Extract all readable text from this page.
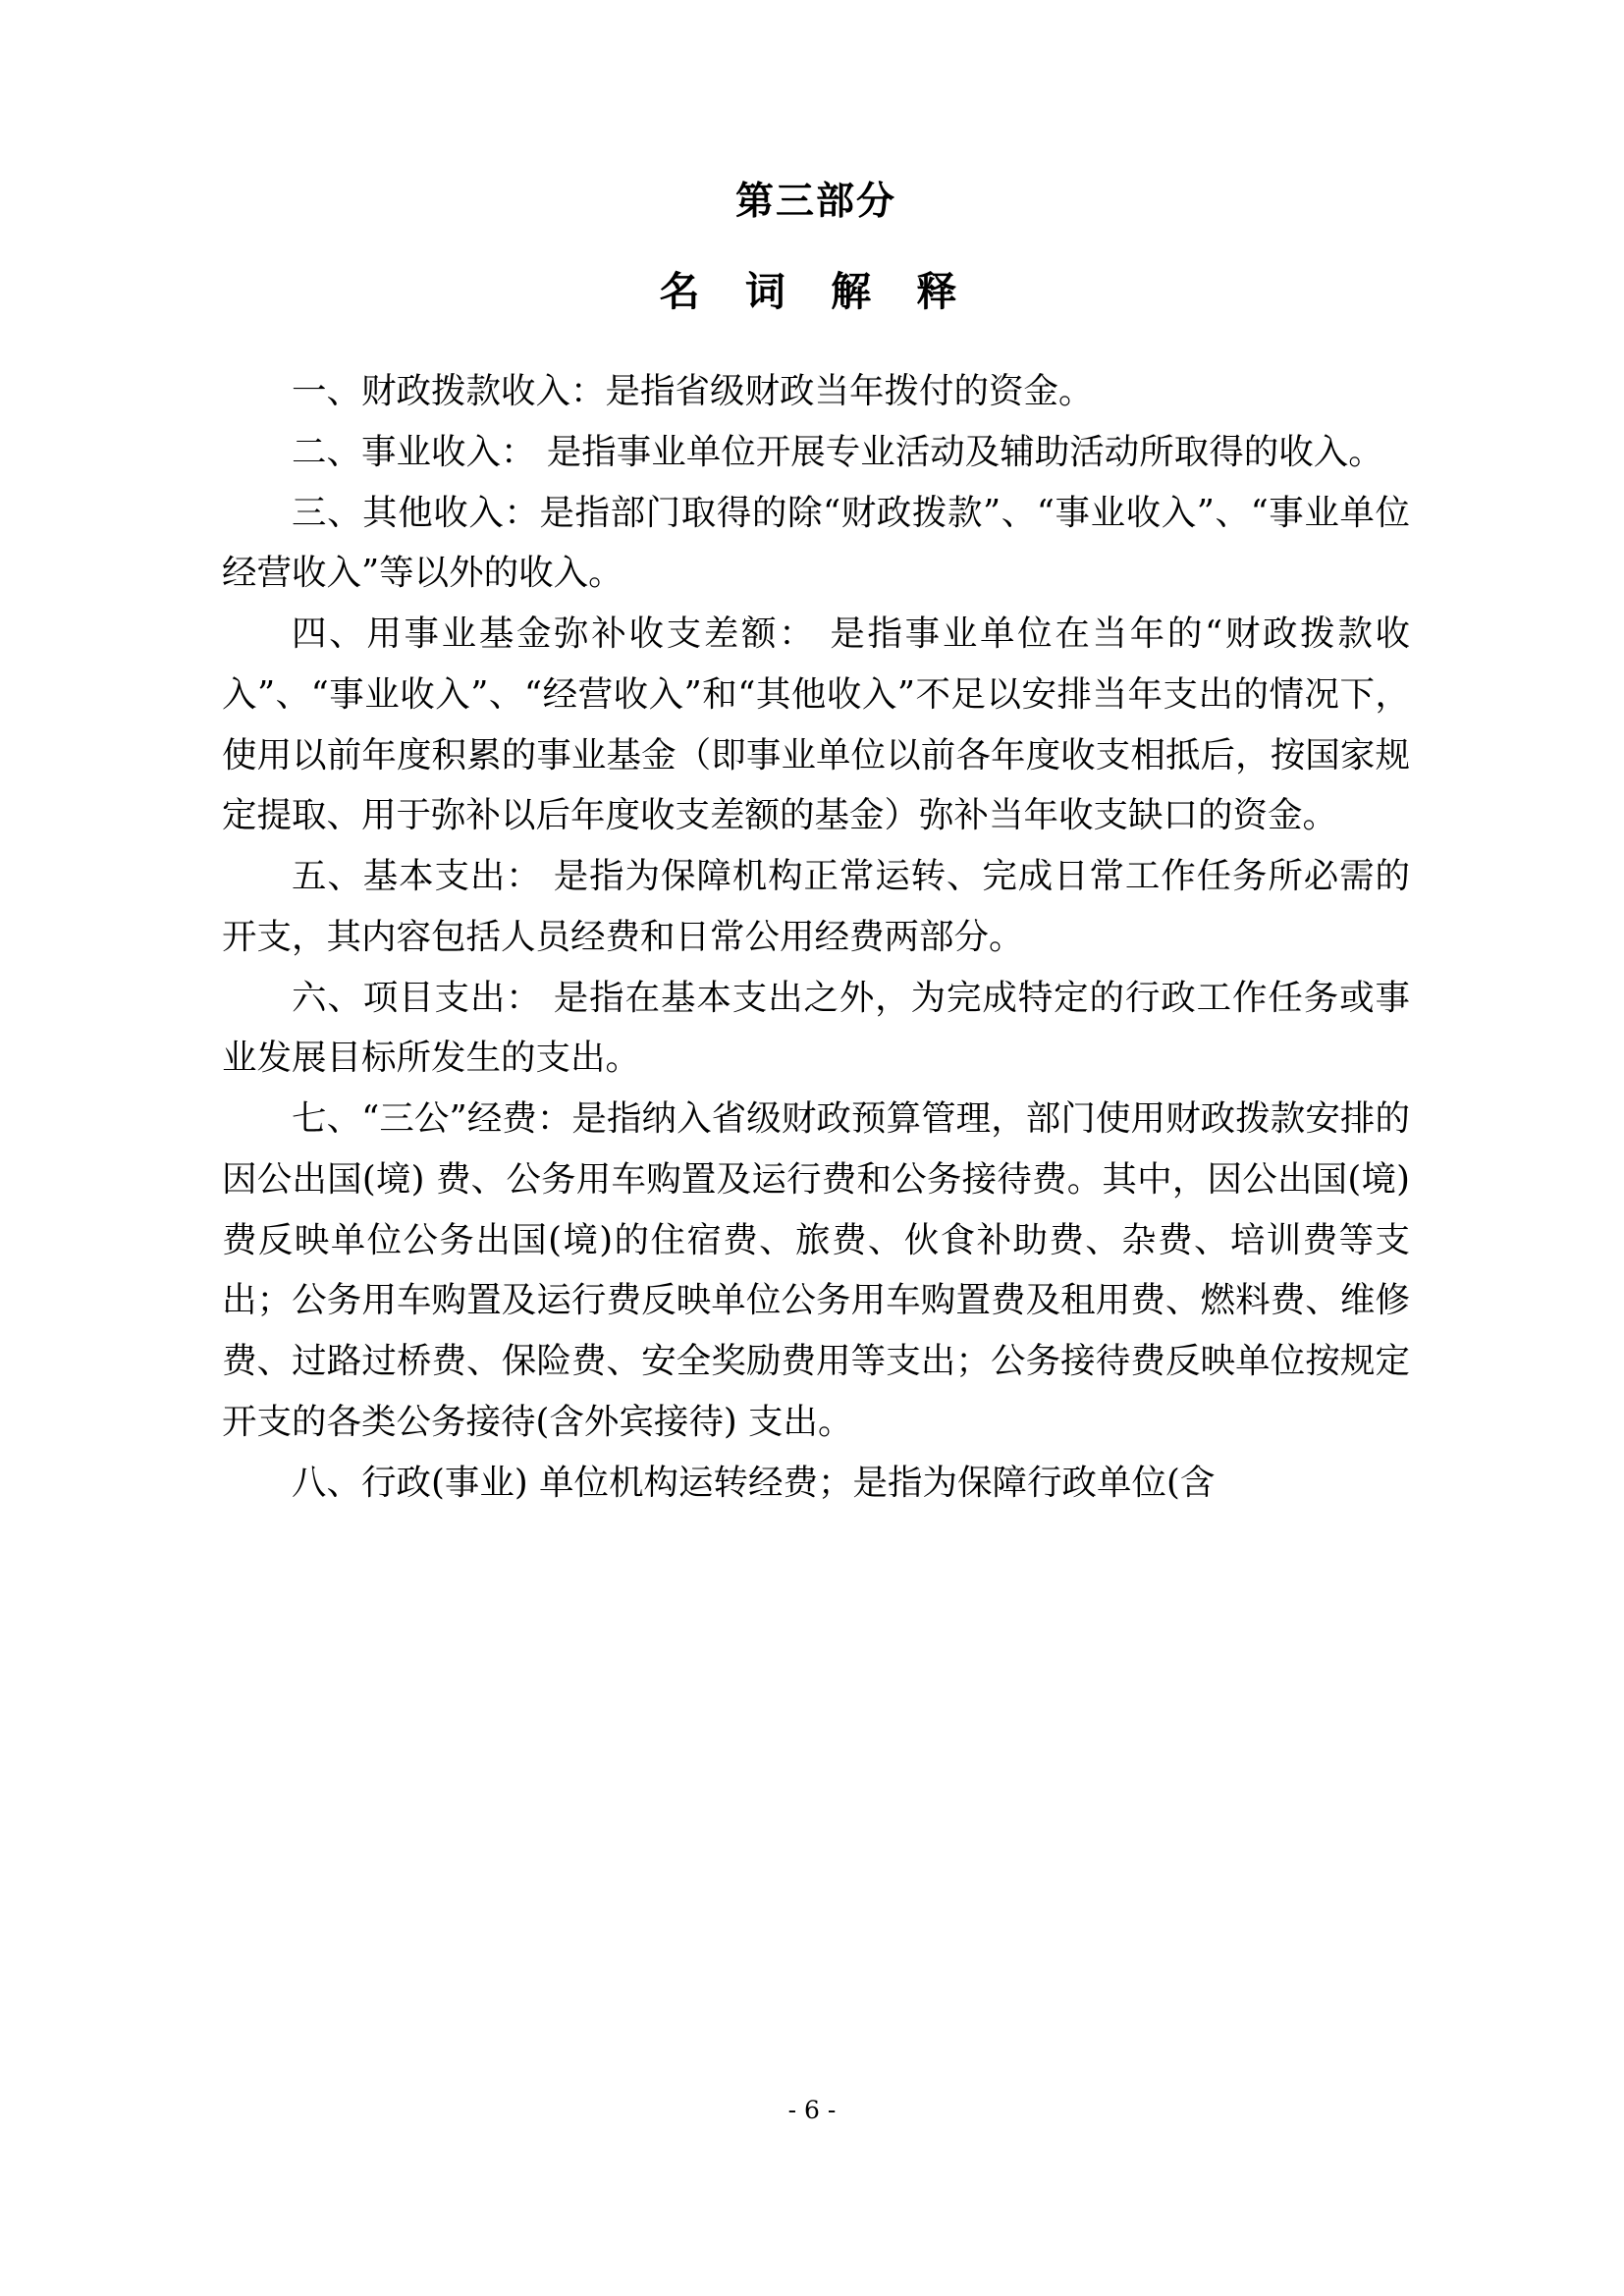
第三部分
名 词 解 释

一、财政拨款收入：是指省级财政当年拨付的资金。

二、事业收入： 是指事业单位开展专业活动及辅助活动所取得的收入。

三、其他收入：是指部门取得的除“财政拨款”、“事业收入”、“事业单位经营收入”等以外的收入。

四、用事业基金弥补收支差额： 是指事业单位在当年的“财政拨款收入”、“事业收入”、“经营收入”和“其他收入”不足以安排当年支出的情况下， 使用以前年度积累的事业基金（即事业单位以前各年度收支相抵后，按国家规定提取、用于弥补以后年度收支差额的基金）弥补当年收支缺口的资金。

五、基本支出： 是指为保障机构正常运转、完成日常工作任务所必需的开支，其内容包括人员经费和日常公用经费两部分。

六、项目支出： 是指在基本支出之外，为完成特定的行政工作任务或事业发展目标所发生的支出。

七、“三公”经费：是指纳入省级财政预算管理，部门使用财政拨款安排的因公出国(境) 费、公务用车购置及运行费和公务接待费。其中，因公出国(境)费反映单位公务出国(境)的住宿费、旅费、伙食补助费、杂费、培训费等支出；公务用车购置及运行费反映单位公务用车购置费及租用费、燃料费、维修费、过路过桥费、保险费、安全奖励费用等支出；公务接待费反映单位按规定开支的各类公务接待(含外宾接待) 支出。

八、行政(事业) 单位机构运转经费；是指为保障行政单位(含

- 6 -
